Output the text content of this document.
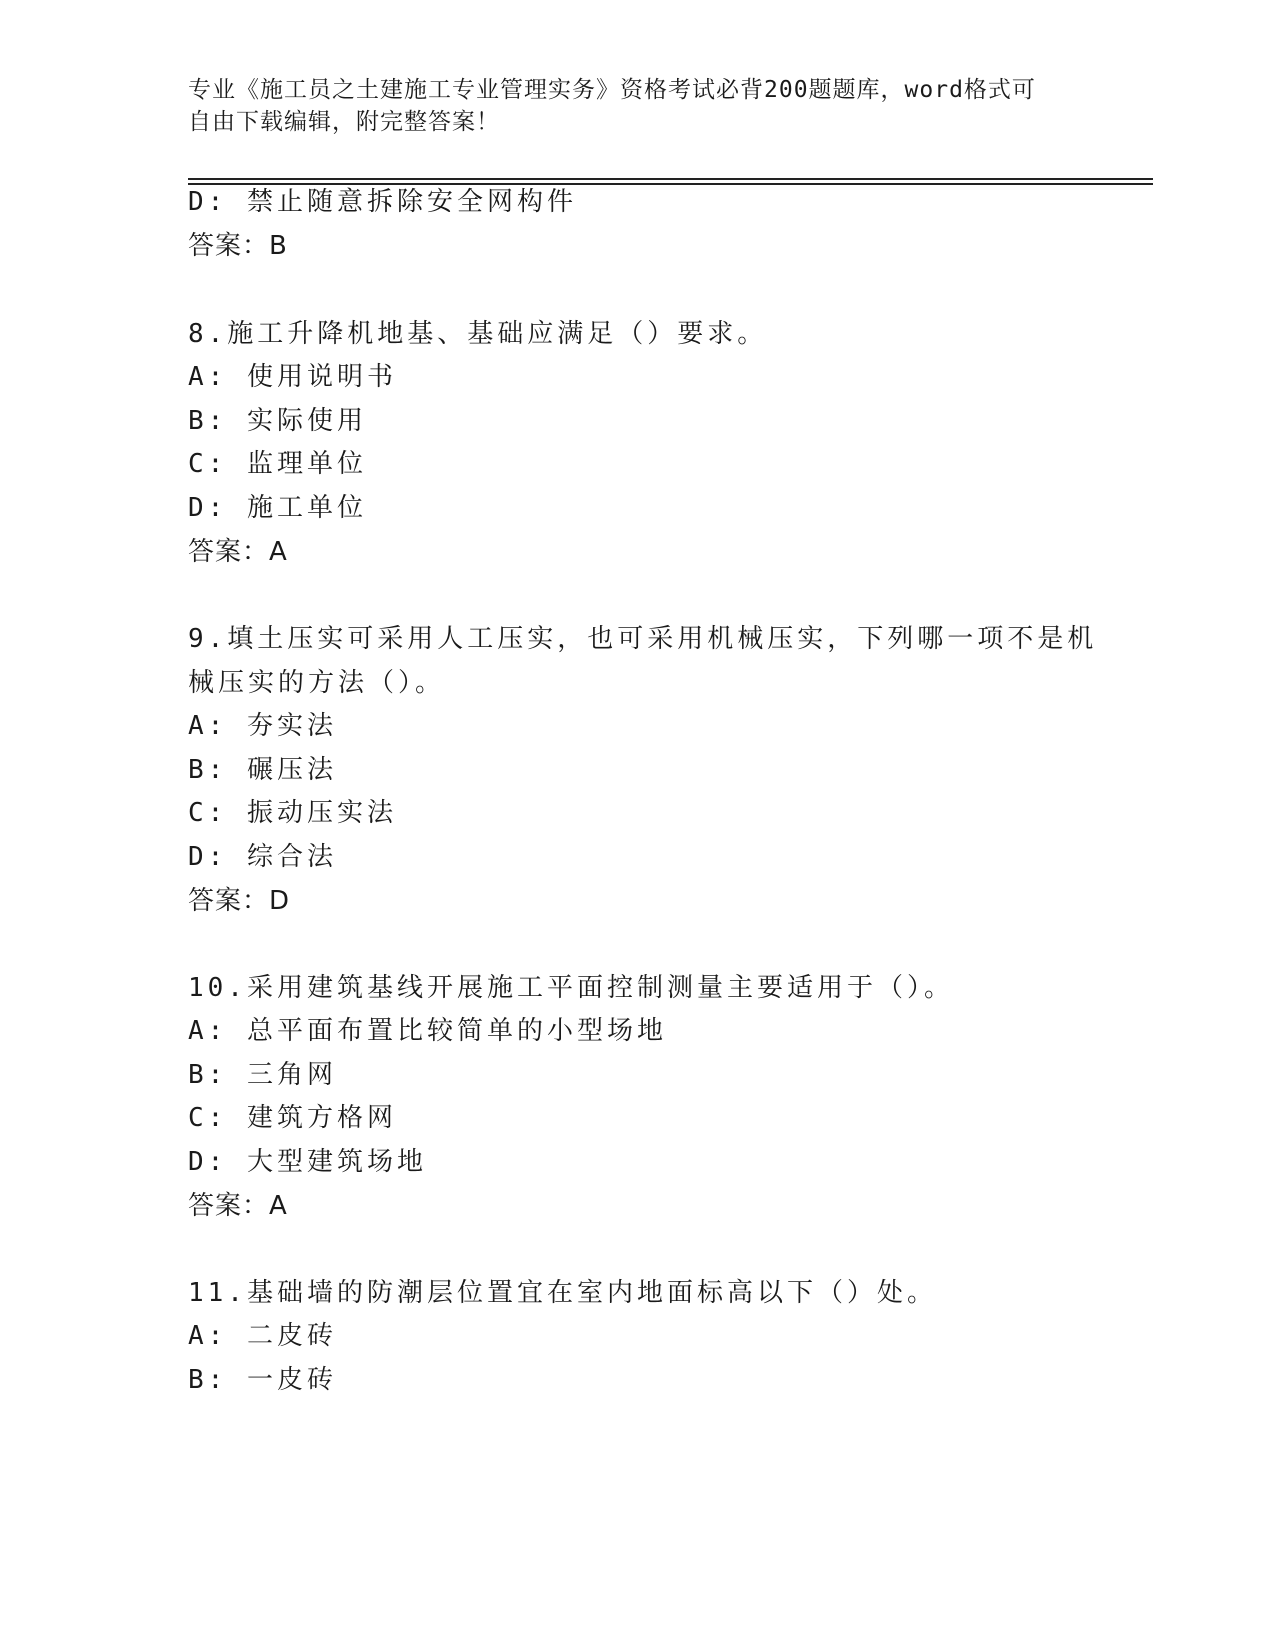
专业《施工员之土建施工专业管理实务》资格考试必背200题题库，word格式可
自由下载编辑，附完整答案！
D: 禁止随意拆除安全网构件
答案：B
8.施工升降机地基、基础应满足（）要求。
A: 使用说明书
B: 实际使用
C: 监理单位
D: 施工单位
答案：A
9.填土压实可采用人工压实，也可采用机械压实，下列哪一项不是机
械压实的方法（）。
A: 夯实法
B: 碾压法
C: 振动压实法
D: 综合法
答案：D
10.采用建筑基线开展施工平面控制测量主要适用于（）。
A: 总平面布置比较简单的小型场地
B: 三角网
C: 建筑方格网
D: 大型建筑场地
答案：A
11.基础墙的防潮层位置宜在室内地面标高以下（）处。
A: 二皮砖
B: 一皮砖
